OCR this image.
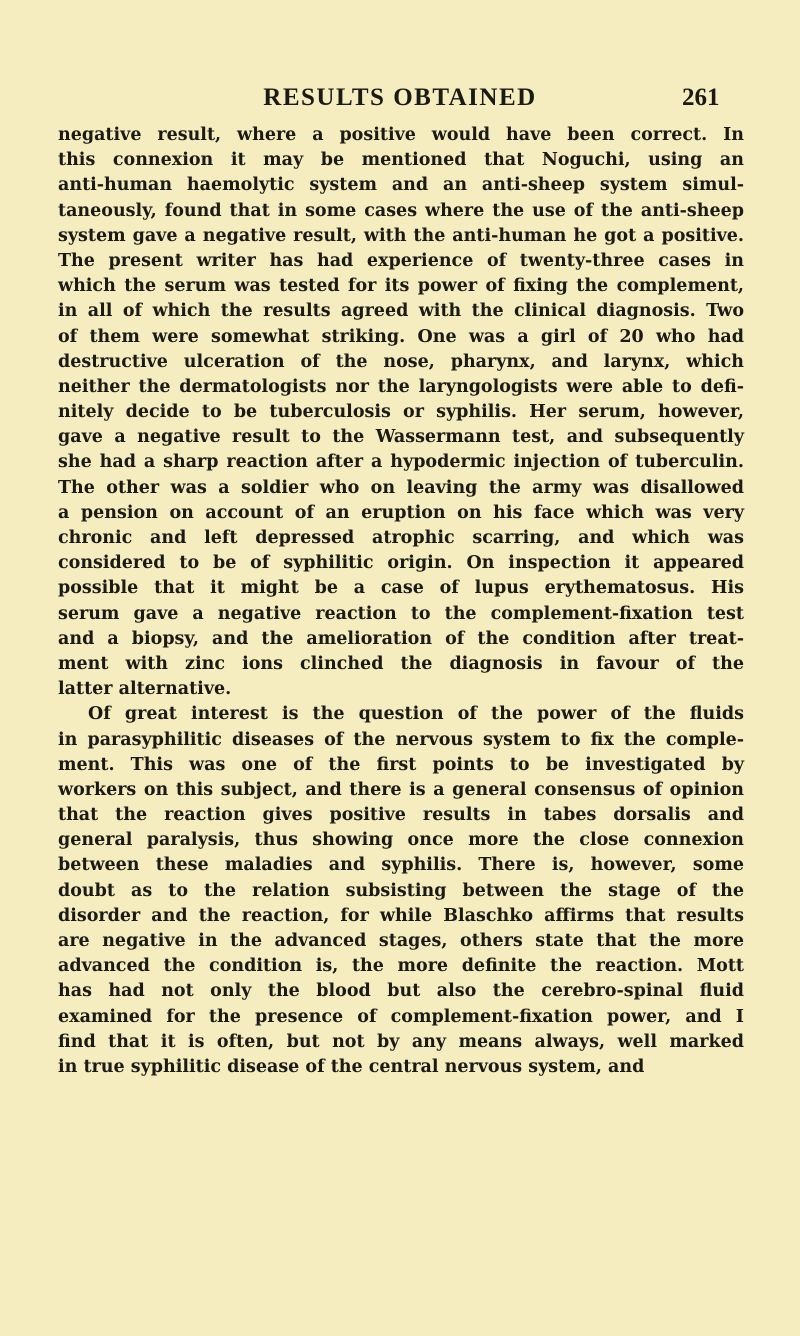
RESULTS OBTAINED	261
negative result, where a positive would have been correct. In
this connexion it may be mentioned that Noguchi, using an
anti-human haemolytic system and an anti-sheep system simul-
taneously, found that in some cases where the use of the anti-sheep
system gave a negative result, with the anti-human he got a positive.
The present writer has had experience of twenty-three cases in
which the serum was tested for its power of fixing the complement,
in all of which the results agreed with the clinical diagnosis. Two
of them were somewhat striking. One was a girl of 20 who had
destructive ulceration of the nose, pharynx, and larynx, which
neither the dermatologists nor the laryngologists were able to defi-
nitely decide to be tuberculosis or syphilis. Her serum, however,
gave a negative result to the Wassermann test, and subsequently
she had a sharp reaction after a hypodermic injection of tuberculin.
The other was a soldier who on leaving the army was disallowed
a pension on account of an eruption on his face which was very
chronic and left depressed atrophic scarring, and which was
considered to be of syphilitic origin. On inspection it appeared
possible that it might be a case of lupus erythematosus. His
serum gave a negative reaction to the complement-fixation test
and a biopsy, and the amelioration of the condition after treat-
ment with zinc ions clinched the diagnosis in favour of the
latter alternative.
Of great interest is the question of the power of the fluids
in parasyphilitic diseases of the nervous system to fix the comple-
ment. This was one of the first points to be investigated by
workers on this subject, and there is a general consensus of opinion
that the reaction gives positive results in tabes dorsalis and
general paralysis, thus showing once more the close connexion
between these maladies and syphilis. There is, however, some
doubt as to the relation subsisting between the stage of the
disorder and the reaction, for while Blaschko affirms that results
are negative in the advanced stages, others state that the more
advanced the condition is, the more definite the reaction. Mott
has had not only the blood but also the cerebro-spinal fluid
examined for the presence of complement-fixation power, and I
find that it is often, but not by any means always, well marked
in true syphilitic disease of the central nervous system, and
